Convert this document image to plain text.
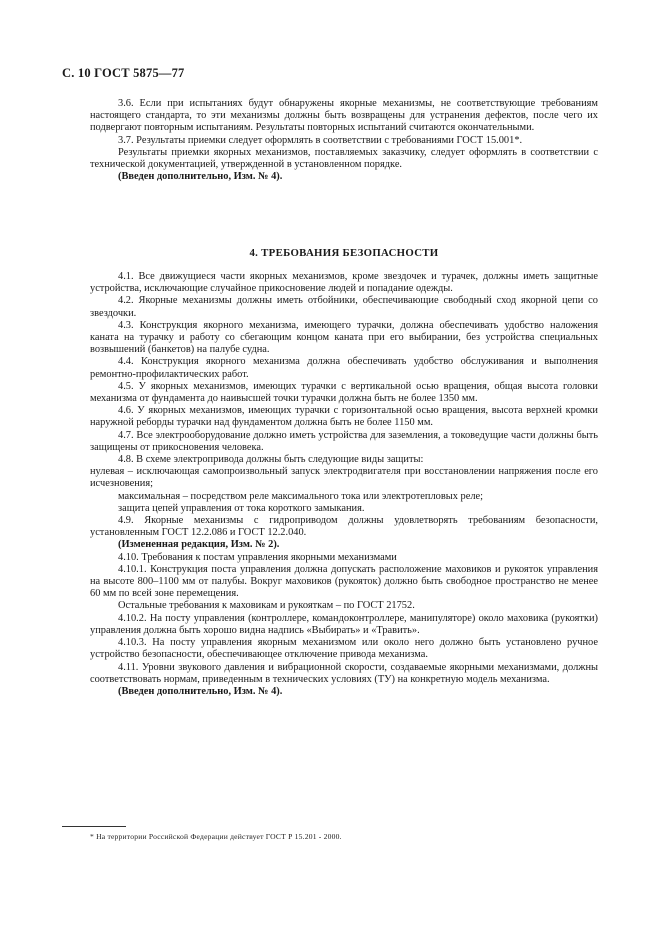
С. 10 ГОСТ 5875—77

3.6. Если при испытаниях будут обнаружены якорные механизмы, не соответствующие требованиям настоящего стандарта, то эти механизмы должны быть возвращены для устранения дефектов, после чего их подвергают повторным испытаниям. Результаты повторных испытаний считаются окончательными.

3.7. Результаты приемки следует оформлять в соответствии с требованиями ГОСТ 15.001*.

Результаты приемки якорных механизмов, поставляемых заказчику, следует оформлять в соответствии с технической документацией, утвержденной в установленном порядке.

(Введен дополнительно, Изм. № 4).

4. ТРЕБОВАНИЯ БЕЗОПАСНОСТИ

4.1. Все движущиеся части якорных механизмов, кроме звездочек и турачек, должны иметь защитные устройства, исключающие случайное прикосновение людей и попадание одежды.

4.2. Якорные механизмы должны иметь отбойники, обеспечивающие свободный сход якорной цепи со звездочки.

4.3. Конструкция якорного механизма, имеющего турачки, должна обеспечивать удобство наложения каната на турачку и работу со сбегающим концом каната при его выбирании, без устройства специальных возвышений (банкетов) на палубе судна.

4.4. Конструкция якорного механизма должна обеспечивать удобство обслуживания и выполнения ремонтно-профилактических работ.

4.5. У якорных механизмов, имеющих турачки с вертикальной осью вращения, общая высота головки механизма от фундамента до наивысшей точки турачки должна быть не более 1350 мм.

4.6. У якорных механизмов, имеющих турачки с горизонтальной осью вращения, высота верхней кромки наружной реборды турачки над фундаментом должна быть не более 1150 мм.

4.7. Все электрооборудование должно иметь устройства для заземления, а токоведущие части должны быть защищены от прикосновения человека.

4.8. В схеме электропривода должны быть следующие виды защиты:

нулевая – исключающая самопроизвольный запуск электродвигателя при восстановлении напряжения после его исчезновения;

максимальная – посредством реле максимального тока или электротепловых реле;

защита цепей управления от тока короткого замыкания.

4.9. Якорные механизмы с гидроприводом должны удовлетворять требованиям безопасности, установленным ГОСТ 12.2.086 и ГОСТ 12.2.040.

(Измененная редакция, Изм. № 2).

4.10. Требования к постам управления якорными механизмами

4.10.1. Конструкция поста управления должна допускать расположение маховиков и рукояток управления на высоте 800–1100 мм от палубы. Вокруг маховиков (рукояток) должно быть свободное пространство не менее 60 мм по всей зоне перемещения.

Остальные требования к маховикам и рукояткам – по ГОСТ 21752.

4.10.2. На посту управления (контроллере, командоконтроллере, манипуляторе) около маховика (рукоятки) управления должна быть хорошо видна надпись «Выбирать» и «Травить».

4.10.3. На посту управления якорным механизмом или около него должно быть установлено ручное устройство безопасности, обеспечивающее отключение привода механизма.

4.11. Уровни звукового давления и вибрационной скорости, создаваемые якорными механизмами, должны соответствовать нормам, приведенным в технических условиях (ТУ) на конкретную модель механизма.

(Введен дополнительно, Изм. № 4).

* На территории Российской Федерации действует ГОСТ Р 15.201 - 2000.
